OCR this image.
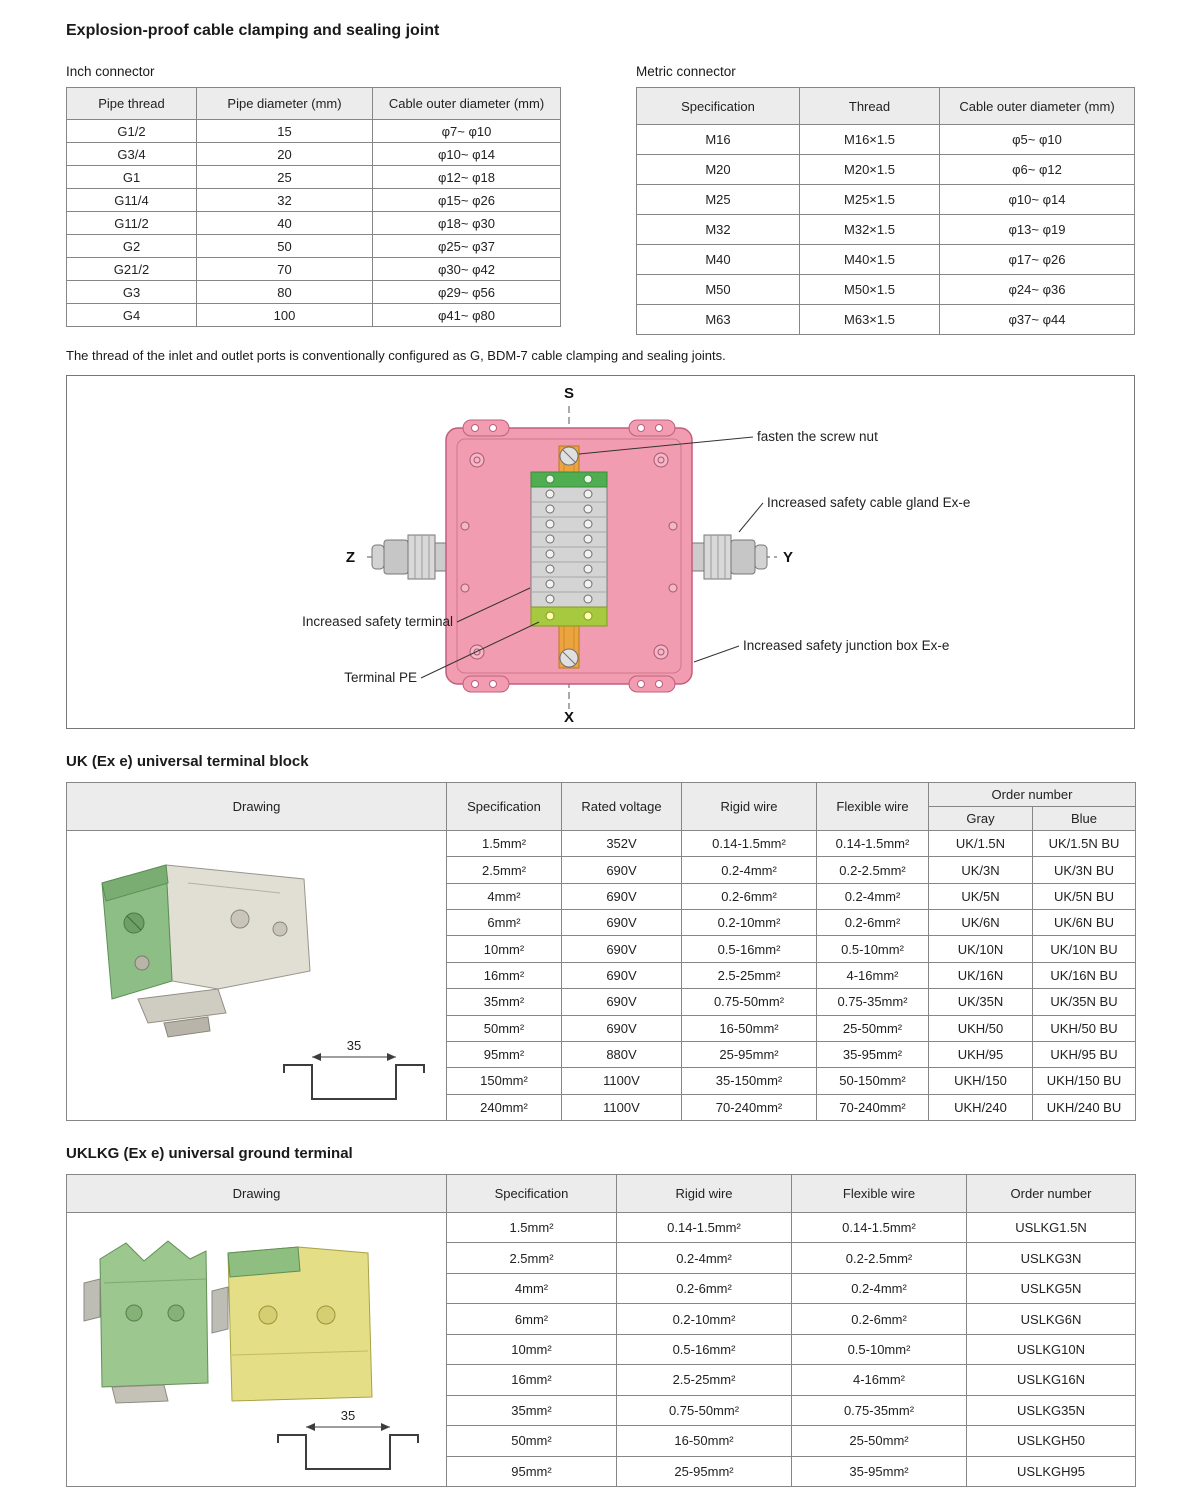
Explosion-proof cable clamping and sealing joint
Inch connector
Pipe thread	Pipe diameter (mm)	Cable outer diameter (mm)
G1/2	15	φ7~ φ10
G3/4	20	φ10~ φ14
G1	25	φ12~ φ18
G11/4	32	φ15~ φ26
G11/2	40	φ18~ φ30
G2	50	φ25~ φ37
G21/2	70	φ30~ φ42
G3	80	φ29~ φ56
G4	100	φ41~ φ80
Metric connector
Specification	Thread	Cable outer diameter (mm)
M16	M16×1.5	φ5~ φ10
M20	M20×1.5	φ6~ φ12
M25	M25×1.5	φ10~ φ14
M32	M32×1.5	φ13~ φ19
M40	M40×1.5	φ17~ φ26
M50	M50×1.5	φ24~ φ36
M63	M63×1.5	φ37~ φ44
The thread of the inlet and outlet ports is conventionally configured as G, BDM-7 cable clamping and sealing joints.
S
X
Z	Y
fasten the screw nut
Increased safety cable gland Ex-e
Increased safety terminal
Terminal PE
Increased safety junction box Ex-e
UK (Ex e) universal terminal block
Drawing	Specification	Rated voltage	Rigid wire	Flexible wire	Order number	
					Gray	Blue

35	1.5mm²	352V	0.14-1.5mm²	0.14-1.5mm²	UK/1.5N	UK/1.5N BU
	2.5mm²	690V	0.2-4mm²	0.2-2.5mm²	UK/3N	UK/3N BU
	4mm²	690V	0.2-6mm²	0.2-4mm²	UK/5N	UK/5N BU
	6mm²	690V	0.2-10mm²	0.2-6mm²	UK/6N	UK/6N BU
	10mm²	690V	0.5-16mm²	0.5-10mm²	UK/10N	UK/10N BU
	16mm²	690V	2.5-25mm²	4-16mm²	UK/16N	UK/16N BU
	35mm²	690V	0.75-50mm²	0.75-35mm²	UK/35N	UK/35N BU
	50mm²	690V	16-50mm²	25-50mm²	UKH/50	UKH/50 BU
	95mm²	880V	25-95mm²	35-95mm²	UKH/95	UKH/95 BU
	150mm²	1100V	35-150mm²	50-150mm²	UKH/150	UKH/150 BU
	240mm²	1100V	70-240mm²	70-240mm²	UKH/240	UKH/240 BU
UKLKG (Ex e) universal ground terminal
Drawing	Specification	Rigid wire	Flexible wire	Order number

35	1.5mm²	0.14-1.5mm²	0.14-1.5mm²	USLKG1.5N
	2.5mm²	0.2-4mm²	0.2-2.5mm²	USLKG3N
	4mm²	0.2-6mm²	0.2-4mm²	USLKG5N
	6mm²	0.2-10mm²	0.2-6mm²	USLKG6N
	10mm²	0.5-16mm²	0.5-10mm²	USLKG10N
	16mm²	2.5-25mm²	4-16mm²	USLKG16N
	35mm²	0.75-50mm²	0.75-35mm²	USLKG35N
	50mm²	16-50mm²	25-50mm²	USLKGH50
	95mm²	25-95mm²	35-95mm²	USLKGH95
